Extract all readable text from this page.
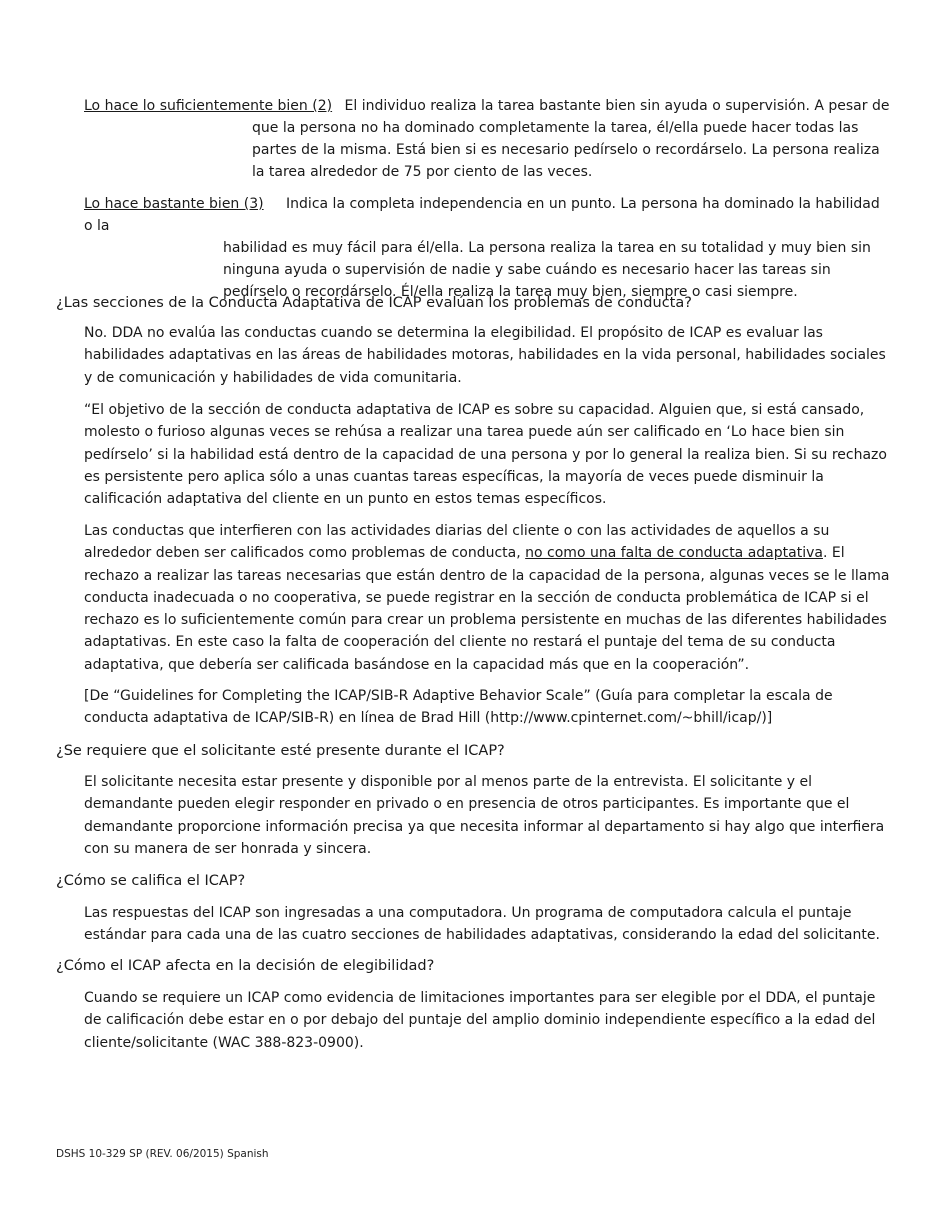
Lo hace lo suficientemente bien (2) El individuo realiza la tarea bastante bien sin ayuda o supervisión. A pesar de
que la persona no ha dominado completamente la tarea, él/ella puede hacer todas las partes de la misma. Está bien si es necesario pedírselo o recordárselo. La persona realiza la tarea alrededor de 75 por ciento de las veces.
Lo hace bastante bien (3) Indica la completa independencia en un punto. La persona ha dominado la habilidad o la
habilidad es muy fácil para él/ella. La persona realiza la tarea en su totalidad y muy bien sin ninguna ayuda o supervisión de nadie y sabe cuándo es necesario hacer las tareas sin pedírselo o recordárselo. Él/ella realiza la tarea muy bien, siempre o casi siempre.
¿Las secciones de la Conducta Adaptativa de ICAP evalúan los problemas de conducta?

No. DDA no evalúa las conductas cuando se determina la elegibilidad. El propósito de ICAP es evaluar las habilidades adaptativas en las áreas de habilidades motoras, habilidades en la vida personal, habilidades sociales y de comunicación y habilidades de vida comunitaria.

“El objetivo de la sección de conducta adaptativa de ICAP es sobre su capacidad. Alguien que, si está cansado, molesto o furioso algunas veces se rehúsa a realizar una tarea puede aún ser calificado en ‘Lo hace bien sin pedírselo’ si la habilidad está dentro de la capacidad de una persona y por lo general la realiza bien. Si su rechazo es persistente pero aplica sólo a unas cuantas tareas específicas, la mayoría de veces puede disminuir la calificación adaptativa del cliente en un punto en estos temas específicos.

Las conductas que interfieren con las actividades diarias del cliente o con las actividades de aquellos a su alrededor deben ser calificados como problemas de conducta, no como una falta de conducta adaptativa. El rechazo a realizar las tareas necesarias que están dentro de la capacidad de la persona, algunas veces se le llama conducta inadecuada o no cooperativa, se puede registrar en la sección de conducta problemática de ICAP si el rechazo es lo suficientemente común para crear un problema persistente en muchas de las diferentes habilidades adaptativas. En este caso la falta de cooperación del cliente no restará el puntaje del tema de su conducta adaptativa, que debería ser calificada basándose en la capacidad más que en la cooperación”.

[De “Guidelines for Completing the ICAP/SIB-R Adaptive Behavior Scale” (Guía para completar la escala de conducta adaptativa de ICAP/SIB-R) en línea de Brad Hill (http://www.cpinternet.com/~bhill/icap/)]

¿Se requiere que el solicitante esté presente durante el ICAP?

El solicitante necesita estar presente y disponible por al menos parte de la entrevista. El solicitante y el demandante pueden elegir responder en privado o en presencia de otros participantes. Es importante que el demandante proporcione información precisa ya que necesita informar al departamento si hay algo que interfiera con su manera de ser honrada y sincera.

¿Cómo se califica el ICAP?

Las respuestas del ICAP son ingresadas a una computadora. Un programa de computadora calcula el puntaje estándar para cada una de las cuatro secciones de habilidades adaptativas, considerando la edad del solicitante.

¿Cómo el ICAP afecta en la decisión de elegibilidad?

Cuando se requiere un ICAP como evidencia de limitaciones importantes para ser elegible por el DDA, el puntaje de calificación debe estar en o por debajo del puntaje del amplio dominio independiente específico a la edad del cliente/solicitante (WAC 388-823-0900).

DSHS 10-329 SP (REV. 06/2015) Spanish
